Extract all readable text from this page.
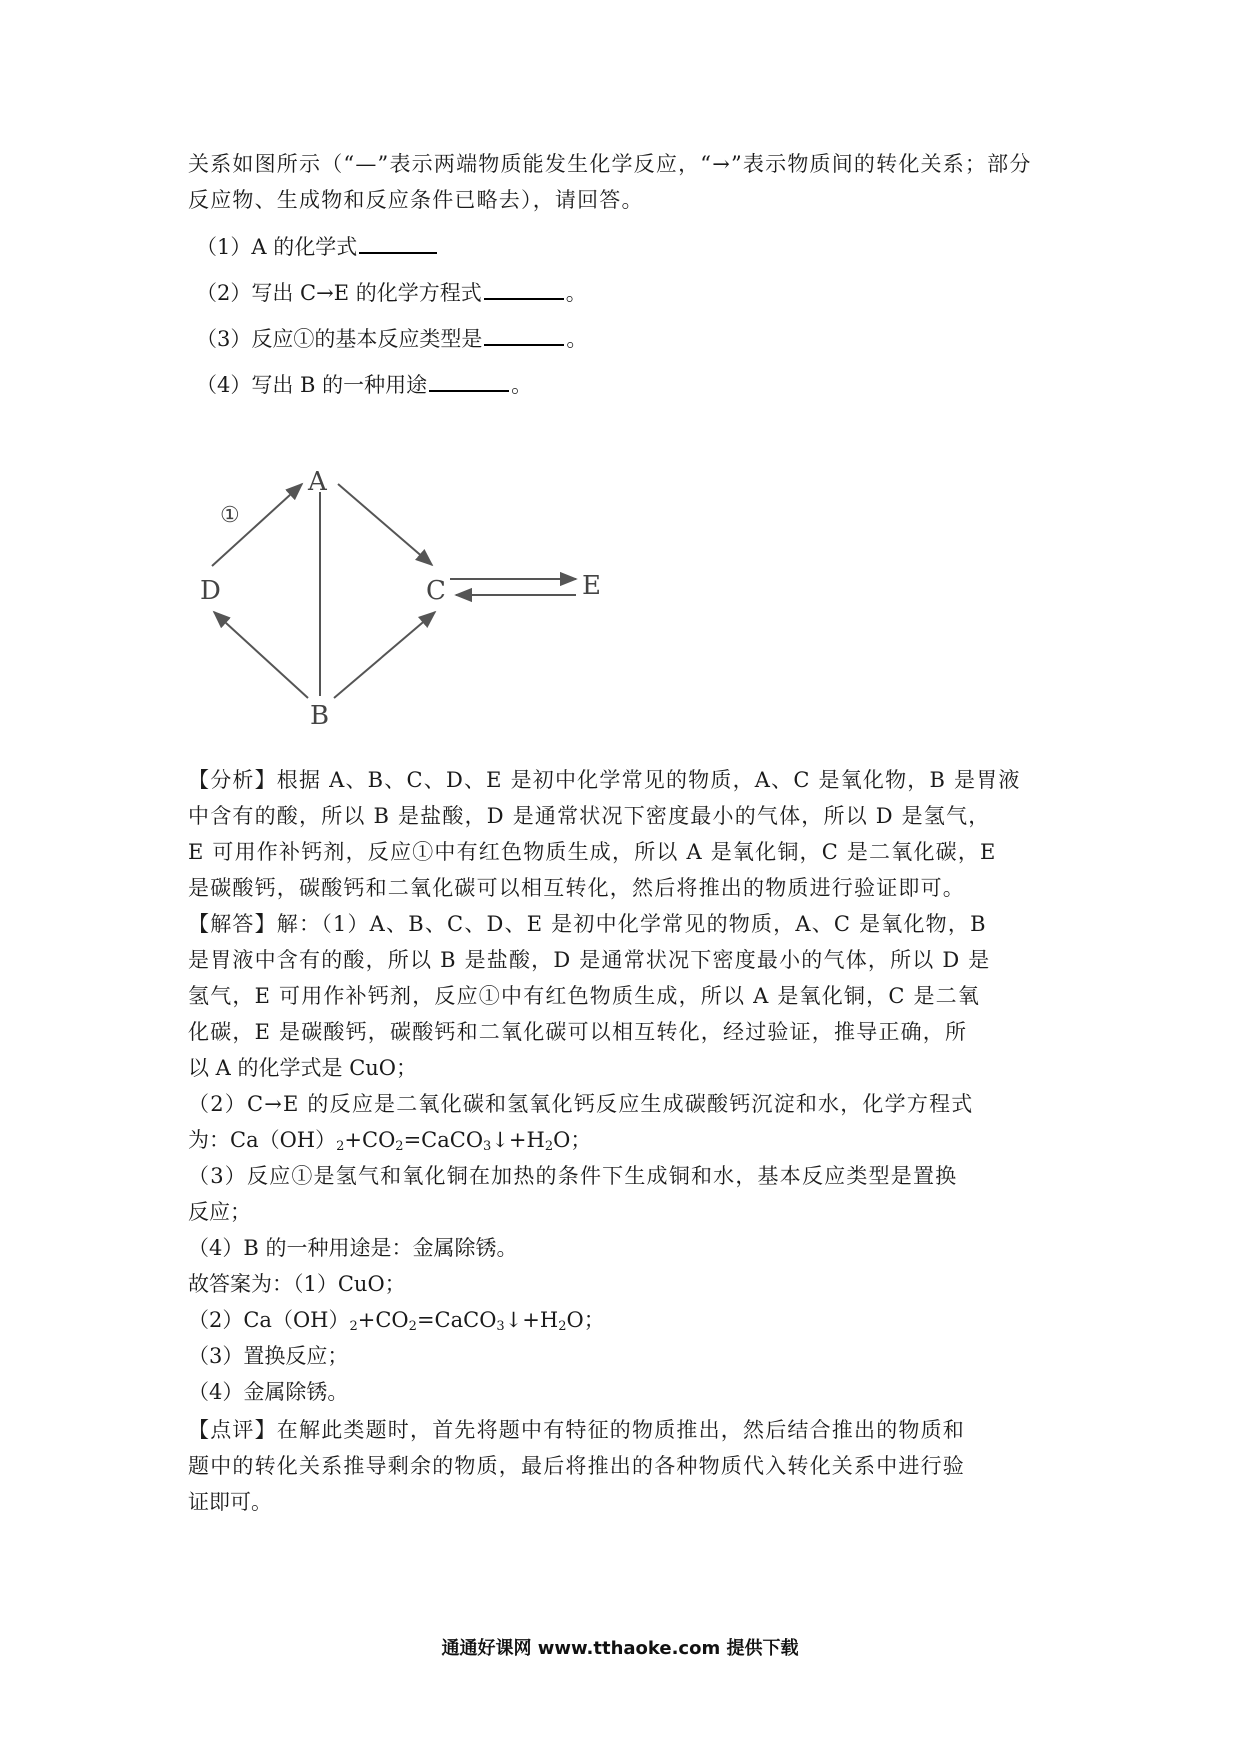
关系如图所示（“—”表示两端物质能发生化学反应，“→”表示物质间的转化关系；部分
反应物、生成物和反应条件已略去），请回答。
（1）A 的化学式
（2）写出 C→E 的化学方程式	。
（3）反应①的基本反应类型是	。
（4）写出 B 的一种用途	。
A
D	C	E
B
①
【分析】根据 A、B、C、D、E 是初中化学常见的物质，A、C 是氧化物，B 是胃液
中含有的酸，所以 B 是盐酸，D 是通常状况下密度最小的气体，所以 D 是氢气，
E 可用作补钙剂，反应①中有红色物质生成，所以 A 是氧化铜，C 是二氧化碳，E
是碳酸钙，碳酸钙和二氧化碳可以相互转化，然后将推出的物质进行验证即可。
【解答】解：（1）A、B、C、D、E 是初中化学常见的物质，A、C 是氧化物，B
是胃液中含有的酸，所以 B 是盐酸，D 是通常状况下密度最小的气体，所以 D 是
氢气，E 可用作补钙剂，反应①中有红色物质生成，所以 A 是氧化铜，C 是二氧
化碳，E 是碳酸钙，碳酸钙和二氧化碳可以相互转化，经过验证，推导正确，所
以 A 的化学式是 CuO；
（2）C→E 的反应是二氧化碳和氢氧化钙反应生成碳酸钙沉淀和水，化学方程式
为：$Ca(OH)_2+CO_2=CaCO_3↓+H_2O$；
（3）反应①是氢气和氧化铜在加热的条件下生成铜和水，基本反应类型是置换
反应；
（4）B 的一种用途是：金属除锈。
故答案为：（1）CuO；
$(2)Ca(OH)_2+CO_2=CaCO_3↓+H_2O$；
（3）置换反应；
（4）金属除锈。
【点评】在解此类题时，首先将题中有特征的物质推出，然后结合推出的物质和
题中的转化关系推导剩余的物质，最后将推出的各种物质代入转化关系中进行验
证即可。
通通好课网 www.tthaoke.com 提供下载
